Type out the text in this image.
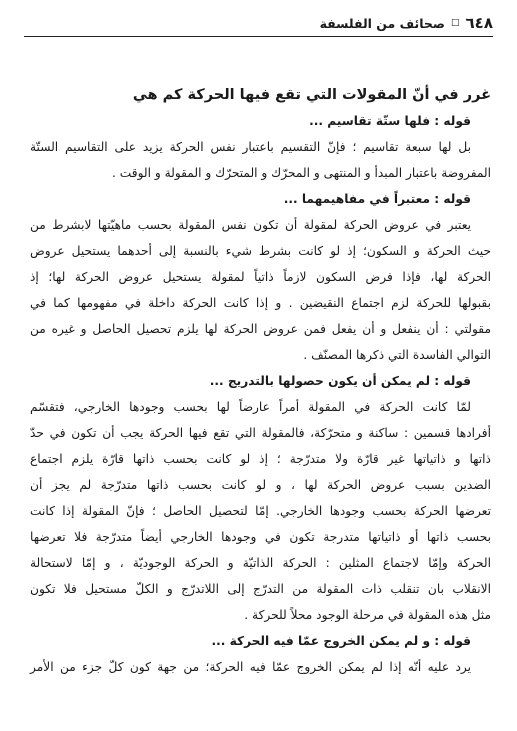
٦٤٨
□
صحائف من الفلسفة
غرر في أنّ المقولات التي تقع فيها الحركة كم هي
قوله : فلها ستّة تقاسيم ...
بل لها سبعة تقاسيم ؛ فإنّ التقسيم باعتبار نفس الحركة يزيد على التقاسيم الستّة
المفروضة باعتبار المبدأ و المنتهى و المحرّك و المتحرّك و المقولة و الوقت .
قوله : معتبراً في مفاهيمهما ...
يعتبر في عروض الحركة لمقولة أن تكون نفس المقولة بحسب ماهيّتها لابشرط من
حيث الحركة و السكون؛ إذ لو كانت بشرط شيء بالنسبة إلى أحدهما يستحيل عروض
الحركة لها، فإذا فرض السكون لازماً ذاتياً لمقولة يستحيل عروض الحركة لها؛ إذ
بقبولها للحركة لزم اجتماع النقيضين . و إذا كانت الحركة داخلة في مفهومها كما في
مقولتي : أن ينفعل و أن يفعل فمن عروض الحركة لها يلزم تحصيل الحاصل و غيره من
التوالي الفاسدة التي ذكرها المصنّف .
قوله : لم يمكن أن يكون حصولها بالتدريج ...
لمّا كانت الحركة في المقولة أمراً عارضاً لها بحسب وجودها الخارجي، فتقسّم
أفرادها قسمين : ساكنة و متحرّكة، فالمقولة التي تقع فيها الحركة يجب أن تكون في حدّ
ذاتها و ذاتياتها غير قارّة ولا متدرّجة ؛ إذ لو كانت بحسب ذاتها قارّة يلزم اجتماع
الضدين بسبب عروض الحركة لها ، و لو كانت بحسب ذاتها متدرّجة لم يجز أن
تعرضها الحركة بحسب وجودها الخارجي. إمّا لتحصيل الحاصل ؛ فإنّ المقولة إذا كانت
بحسب ذاتها أو ذاتياتها متدرجة تكون في وجودها الخارجي أيضاً متدرّجة فلا تعرضها
الحركة وإمّا لاجتماع المثلين : الحركة الذاتيّة و الحركة الوجوديّة ، و إمّا لاستحالة
الانقلاب بان تنقلب ذات المقولة من التدرّج إلى اللاتدرّج و الكلّ مستحيل فلا تكون
مثل هذه المقولة في مرحلة الوجود محلاً للحركة .
قوله : و لم يمكن الخروج عمّا فيه الحركة ...
يرد عليه أنّه إذا لم يمكن الخروج عمّا فيه الحركة؛ من جهة كون كلّ جزء من الأمر
